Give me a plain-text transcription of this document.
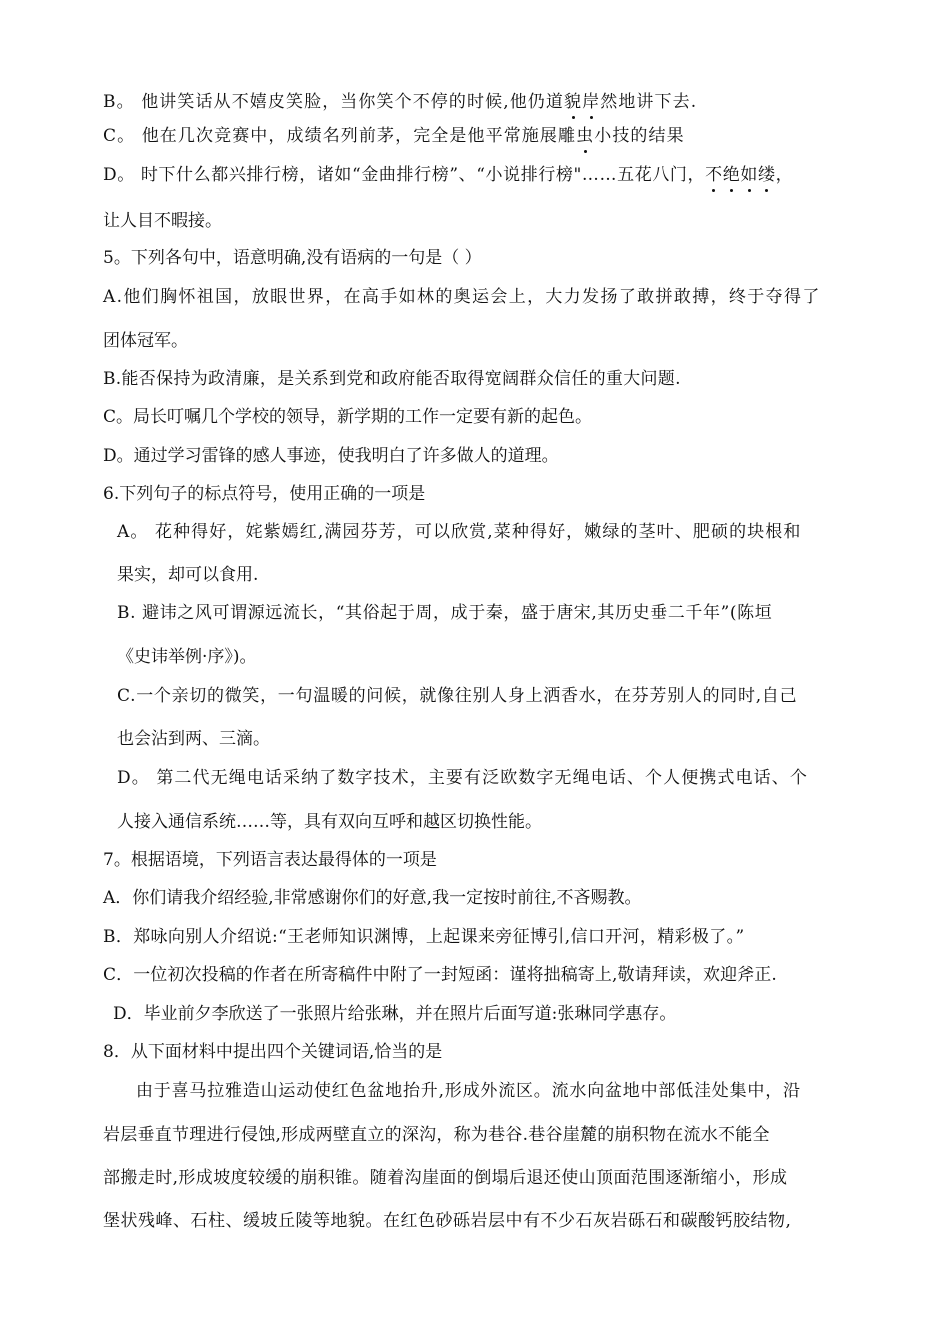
B。 他讲笑话从不嬉皮笑脸，当你笑个不停的时候,他仍道貌岸然地讲下去.
C。 他在几次竞赛中，成绩名列前茅，完全是他平常施展雕虫小技的结果
D。 时下什么都兴排行榜，诸如“金曲排行榜”、“小说排行榜"……五花八门，不绝如缕，
让人目不暇接。
5。下列各句中，语意明确,没有语病的一句是（ ）
A.他们胸怀祖国，放眼世界，在高手如林的奥运会上，大力发扬了敢拼敢搏，终于夺得了
团体冠军。
B.能否保持为政清廉，是关系到党和政府能否取得宽阔群众信任的重大问题.
C。局长叮嘱几个学校的领导，新学期的工作一定要有新的起色。
D。通过学习雷锋的感人事迹，使我明白了许多做人的道理。
6.下列句子的标点符号，使用正确的一项是
A。 花种得好，姹紫嫣红,满园芬芳，可以欣赏,菜种得好，嫩绿的茎叶、肥硕的块根和
果实，却可以食用.
B. 避讳之风可谓源远流长，“其俗起于周，成于秦，盛于唐宋,其历史垂二千年”(陈垣
《史讳举例·序》)。
C.一个亲切的微笑，一句温暖的问候，就像往别人身上洒香水，在芬芳别人的同时,自己
也会沾到两、三滴。
D。 第二代无绳电话采纳了数字技术，主要有泛欧数字无绳电话、个人便携式电话、个
人接入通信系统……等，具有双向互呼和越区切换性能。
7。根据语境，下列语言表达最得体的一项是
A．你们请我介绍经验,非常感谢你们的好意,我一定按时前往,不吝赐教。
B．郑咏向别人介绍说:“王老师知识渊博，上起课来旁征博引,信口开河，精彩极了。”
C．一位初次投稿的作者在所寄稿件中附了一封短函：谨将拙稿寄上,敬请拜读，欢迎斧正.
D．毕业前夕李欣送了一张照片给张琳，并在照片后面写道:张琳同学惠存。
8．从下面材料中提出四个关键词语,恰当的是
由于喜马拉雅造山运动使红色盆地抬升,形成外流区。流水向盆地中部低洼处集中，沿
岩层垂直节理进行侵蚀,形成两壁直立的深沟，称为巷谷.巷谷崖麓的崩积物在流水不能全
部搬走时,形成坡度较缓的崩积锥。随着沟崖面的倒塌后退还使山顶面范围逐渐缩小，形成
堡状残峰、石柱、缓坡丘陵等地貌。在红色砂砾岩层中有不少石灰岩砾石和碳酸钙胶结物,
